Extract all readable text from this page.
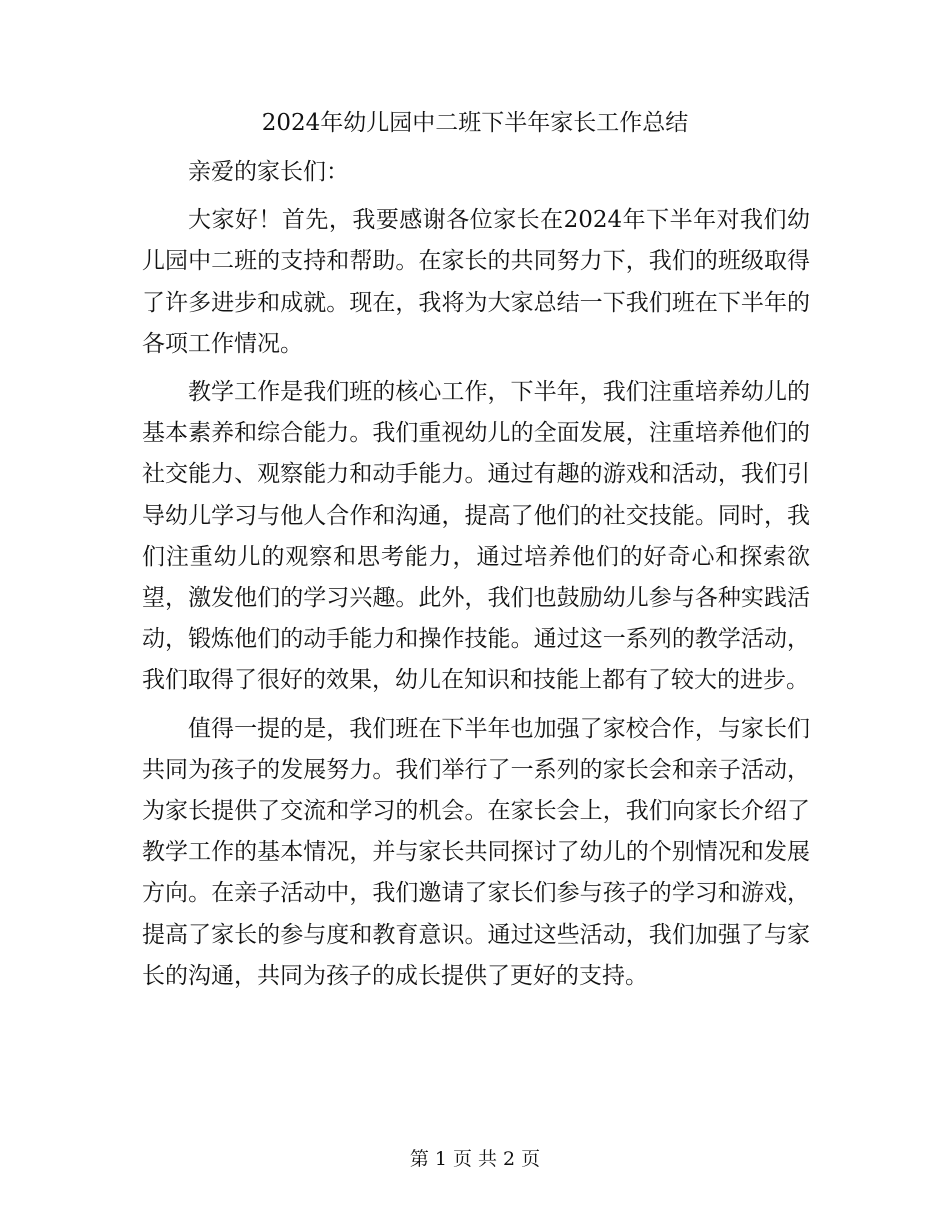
2024年幼儿园中二班下半年家长工作总结

亲爱的家长们：

大家好！首先，我要感谢各位家长在2024年下半年对我们幼儿园中二班的支持和帮助。在家长的共同努力下，我们的班级取得了许多进步和成就。现在，我将为大家总结一下我们班在下半年的各项工作情况。

教学工作是我们班的核心工作，下半年，我们注重培养幼儿的基本素养和综合能力。我们重视幼儿的全面发展，注重培养他们的社交能力、观察能力和动手能力。通过有趣的游戏和活动，我们引导幼儿学习与他人合作和沟通，提高了他们的社交技能。同时，我们注重幼儿的观察和思考能力，通过培养他们的好奇心和探索欲望，激发他们的学习兴趣。此外，我们也鼓励幼儿参与各种实践活动，锻炼他们的动手能力和操作技能。通过这一系列的教学活动，我们取得了很好的效果，幼儿在知识和技能上都有了较大的进步。

值得一提的是，我们班在下半年也加强了家校合作，与家长们共同为孩子的发展努力。我们举行了一系列的家长会和亲子活动，为家长提供了交流和学习的机会。在家长会上，我们向家长介绍了教学工作的基本情况，并与家长共同探讨了幼儿的个别情况和发展方向。在亲子活动中，我们邀请了家长们参与孩子的学习和游戏，提高了家长的参与度和教育意识。通过这些活动，我们加强了与家长的沟通，共同为孩子的成长提供了更好的支持。

第 1 页 共 2 页
